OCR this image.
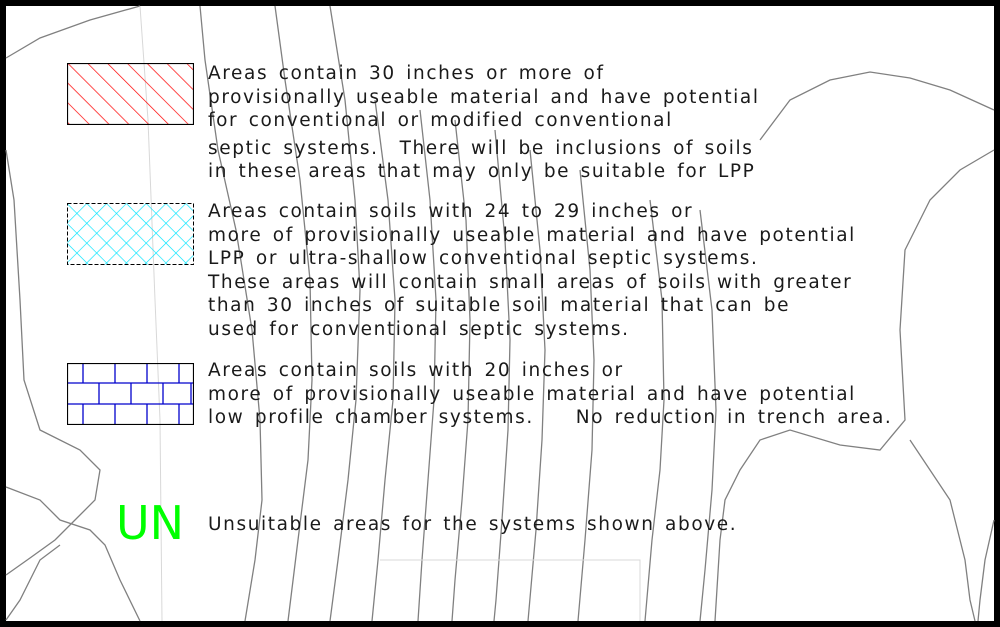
Areas contain 30 inches or more of
provisionally useable material and have potential
for conventional or modified conventional
septic systems.  There will be inclusions of soils
in these areas that may only be suitable for LPP
Areas contain soils with 24 to 29 inches or
more of provisionally useable material and have potential
LPP or ultra-shallow conventional septic systems.
These areas will contain small areas of soils with greater
than 30 inches of suitable soil material that can be
used for conventional septic systems.
Areas contain soils with 20 inches or
more of provisionally useable material and have potential
low profile chamber systems.    No reduction in trench area.
UN Unsuitable areas for the systems shown above.
